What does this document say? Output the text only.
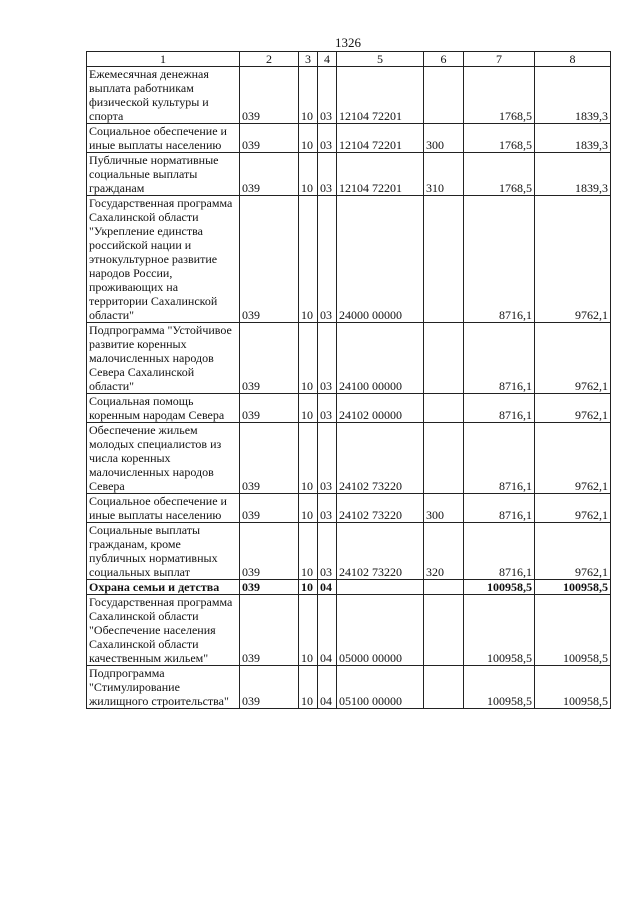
1326
1	2	3	4	5	6	7	8
Ежемесячная денежная выплата работникам физической культуры и спорта	039	10	03	12104 72201		1768,5	1839,3
Социальное обеспечение и иные выплаты населению	039	10	03	12104 72201	300	1768,5	1839,3
Публичные нормативные социальные выплаты гражданам	039	10	03	12104 72201	310	1768,5	1839,3
Государственная программа Сахалинской области "Укрепление единства российской нации и этнокультурное развитие народов России, проживающих на территории Сахалинской области"	039	10	03	24000 00000		8716,1	9762,1
Подпрограмма "Устойчивое развитие коренных малочисленных народов Севера Сахалинской области"	039	10	03	24100 00000		8716,1	9762,1
Социальная помощь коренным народам Севера	039	10	03	24102 00000		8716,1	9762,1
Обеспечение жильем молодых специалистов из числа коренных малочисленных народов Севера	039	10	03	24102 73220		8716,1	9762,1
Социальное обеспечение и иные выплаты населению	039	10	03	24102 73220	300	8716,1	9762,1
Социальные выплаты гражданам, кроме публичных нормативных социальных выплат	039	10	03	24102 73220	320	8716,1	9762,1
Охрана семьи и детства	039	10	04			100958,5	100958,5
Государственная программа Сахалинской области "Обеспечение населения Сахалинской области качественным жильем"	039	10	04	05000 00000		100958,5	100958,5
Подпрограмма "Стимулирование жилищного строительства"	039	10	04	05100 00000		100958,5	100958,5
